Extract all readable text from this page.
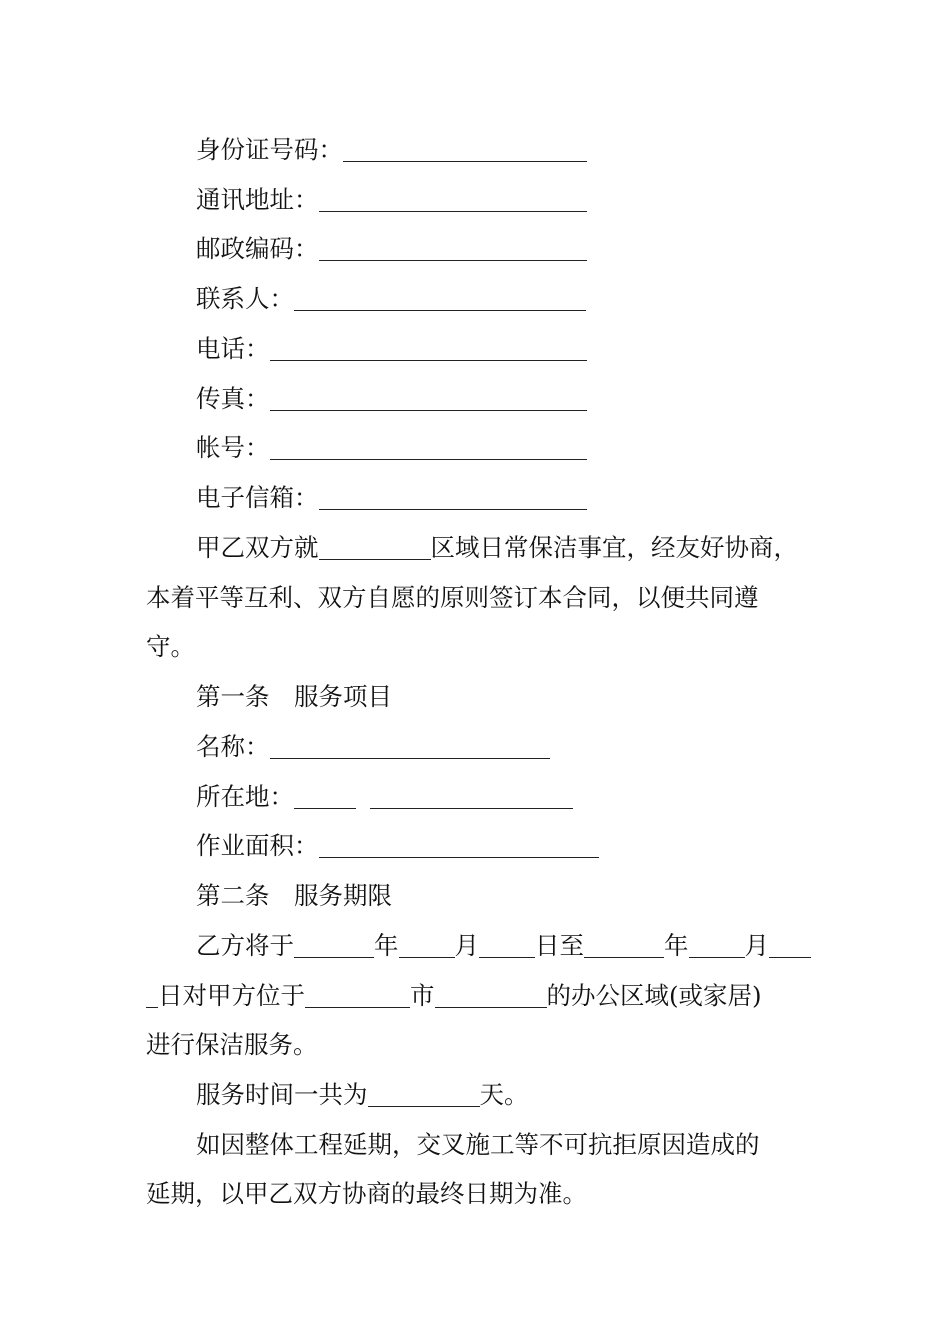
身份证号码：
通讯地址：
邮政编码：
联系人：
电话：
传真：
帐号：
电子信箱：
甲乙双方就	区域日常保洁事宜，经友好协商，
本着平等互利、双方自愿的原则签订本合同，以便共同遵
守。
第一条　服务项目
名称：
所在地：
作业面积：
第二条　服务期限
乙方将于	年 月 日至	年 月
日对甲方位于	市	的办公区域(或家居)
进行保洁服务。
服务时间一共为	天。
如因整体工程延期，交叉施工等不可抗拒原因造成的
延期，以甲乙双方协商的最终日期为准。
